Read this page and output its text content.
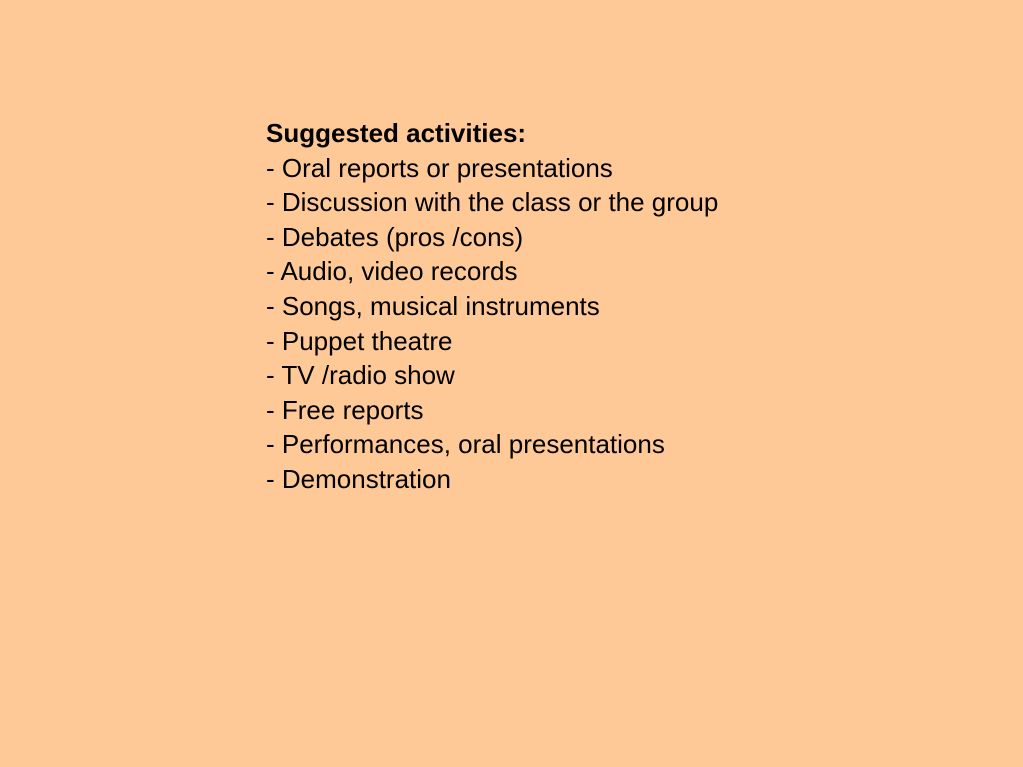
Suggested activities:
- Oral reports or presentations
- Discussion with the class or the group
- Debates (pros /cons)
- Audio, video records
- Songs, musical instruments
- Puppet theatre
- TV /radio show
- Free reports
- Performances, oral presentations
- Demonstration
